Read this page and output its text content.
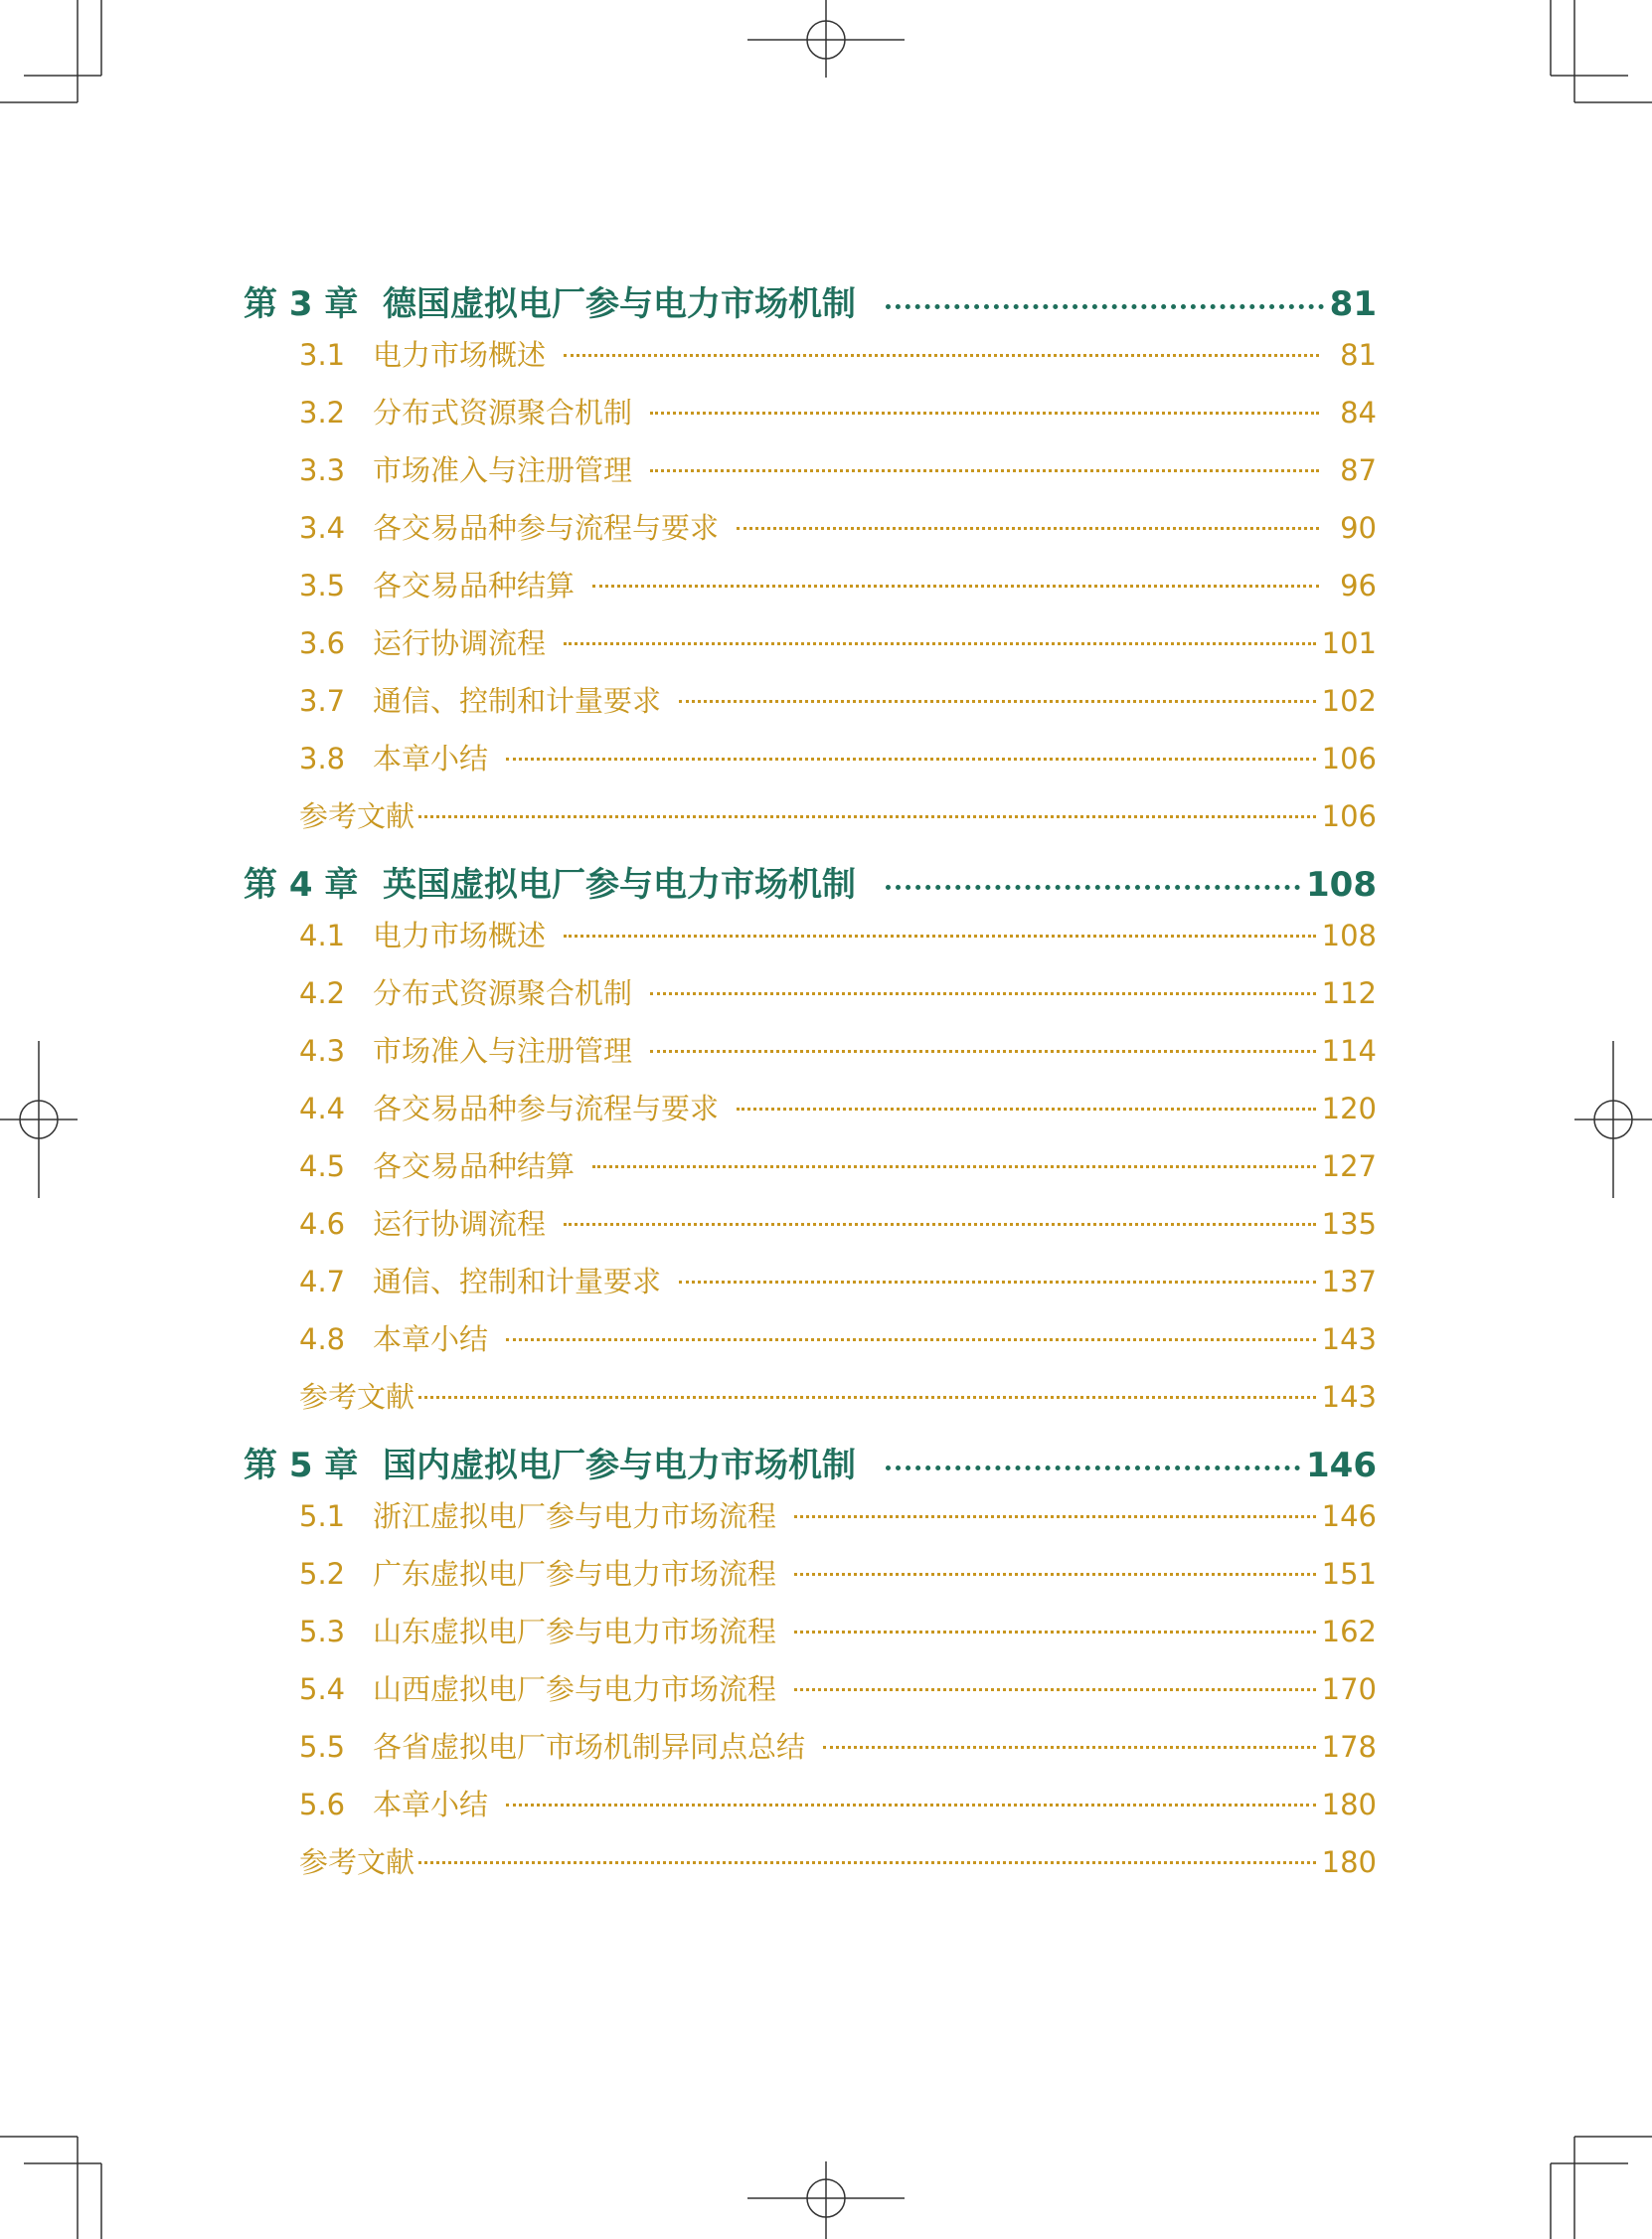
第 3 章 德国虚拟电厂参与电力市场机制	81
3.1 电力市场概述	81
3.2 分布式资源聚合机制	84
3.3 市场准入与注册管理	87
3.4 各交易品种参与流程与要求	90
3.5 各交易品种结算	96
3.6 运行协调流程	101
3.7 通信、控制和计量要求	102
3.8 本章小结	106
参考文献	106
第 4 章 英国虚拟电厂参与电力市场机制	108
4.1 电力市场概述	108
4.2 分布式资源聚合机制	112
4.3 市场准入与注册管理	114
4.4 各交易品种参与流程与要求	120
4.5 各交易品种结算	127
4.6 运行协调流程	135
4.7 通信、控制和计量要求	137
4.8 本章小结	143
参考文献	143
第 5 章 国内虚拟电厂参与电力市场机制	146
5.1 浙江虚拟电厂参与电力市场流程	146
5.2 广东虚拟电厂参与电力市场流程	151
5.3 山东虚拟电厂参与电力市场流程	162
5.4 山西虚拟电厂参与电力市场流程	170
5.5 各省虚拟电厂市场机制异同点总结	178
5.6 本章小结	180
参考文献	180
